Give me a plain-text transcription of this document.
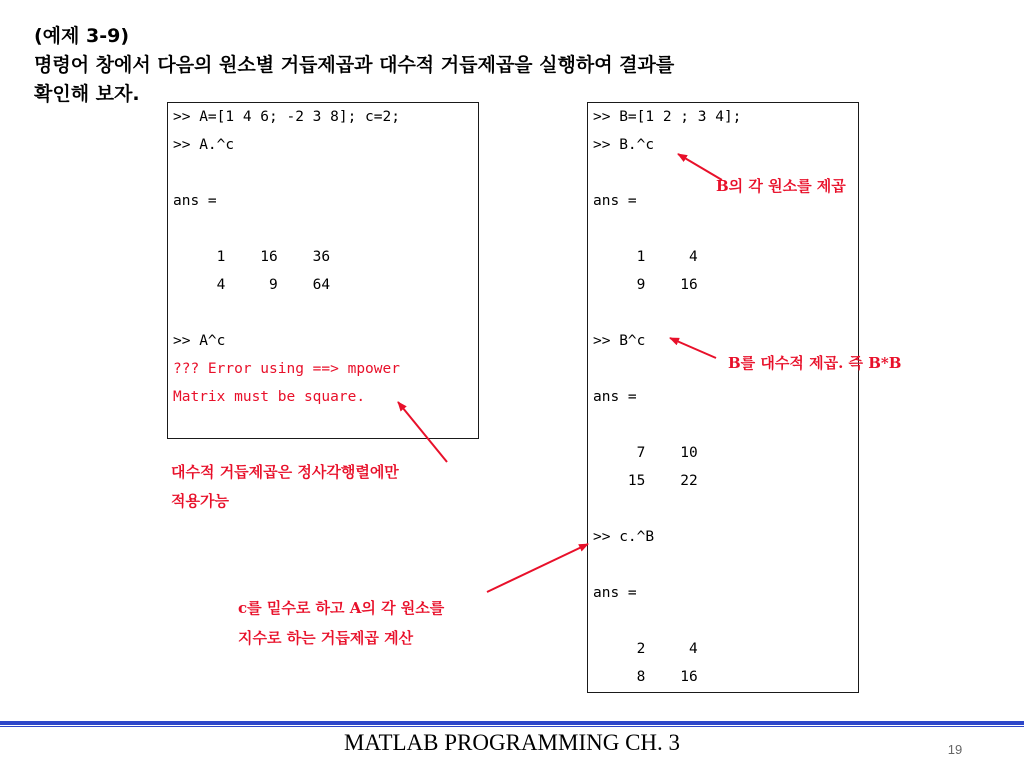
(예제 3-9)
명령어 창에서 다음의 원소별 거듭제곱과 대수적 거듭제곱을 실행하여 결과를
확인해 보자.
>> A=[1 4 6; -2 3 8]; c=2;
>> A.^c
ans =
1    16    36
4     9    64
>> A^c
??? Error using ==> mpower
Matrix must be square.
>> B=[1 2 ; 3 4];
>> B.^c
ans =
1     4
9    16
>> B^c
ans =
7    10
15    22
>> c.^B
ans =
2     4
8    16
B의 각 원소를 제곱
B를 대수적 제곱. 즉 B*B
대수적 거듭제곱은 정사각행렬에만
적용가능
c를 밑수로 하고 A의 각 원소를
지수로 하는 거듭제곱 계산
MATLAB PROGRAMMING CH. 3	19
